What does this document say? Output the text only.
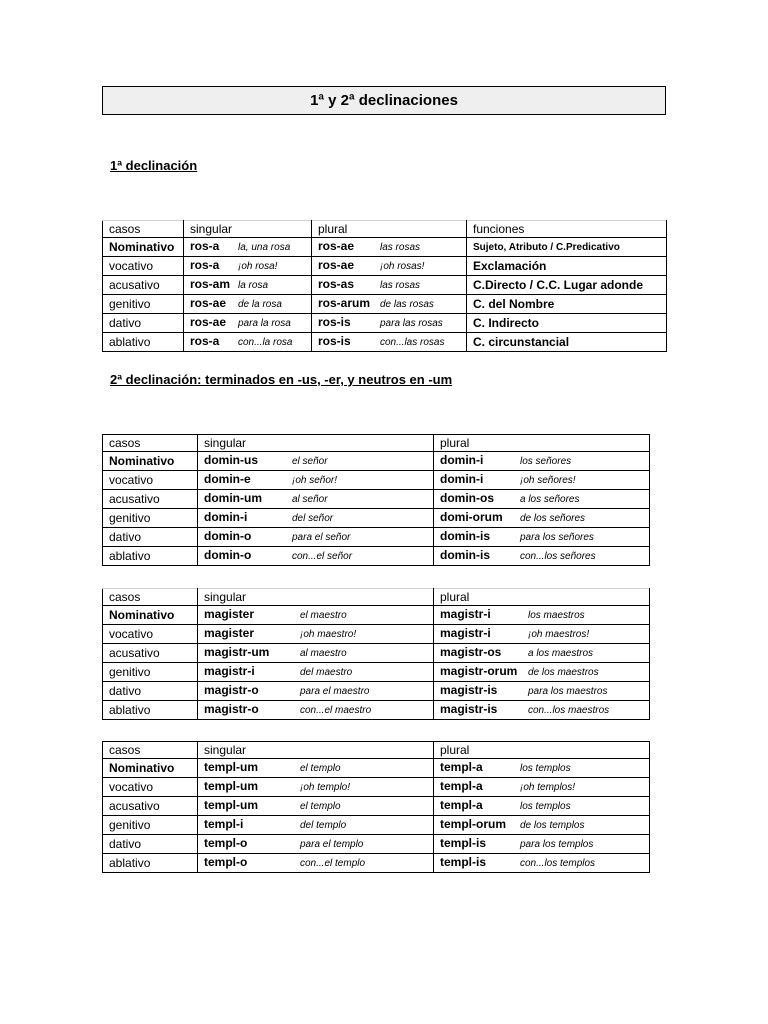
1ª y 2ª declinaciones
1ª declinación
casos	singular	plural	funciones
Nominativo	ros-a la, una rosa	ros-ae las rosas	Sujeto, Atributo / C.Predicativo
vocativo	ros-a ¡oh rosa!	ros-ae ¡oh rosas!	Exclamación
acusativo	ros-am la rosa	ros-as las rosas	C.Directo / C.C. Lugar adonde
genitivo	ros-ae de la rosa	ros-arum de las rosas	C. del Nombre
dativo	ros-ae para la rosa	ros-is para las rosas	C. Indirecto
ablativo	ros-a con...la rosa	ros-is con...las rosas	C. circunstancial
2ª declinación: terminados en -us, -er, y neutros en -um
casos	singular	plural
Nominativo	domin-us el señor	domin-i los señores
vocativo	domin-e ¡oh señor!	domin-i ¡oh señores!
acusativo	domin-um al señor	domin-os a los señores
genitivo	domin-i del señor	domi-orum de los señores
dativo	domin-o para el señor	domin-is para los señores
ablativo	domin-o con...el señor	domin-is con...los señores
casos	singular	plural
Nominativo	magister el maestro	magistr-i los maestros
vocativo	magister ¡oh maestro!	magistr-i ¡oh maestros!
acusativo	magistr-um al maestro	magistr-os a los maestros
genitivo	magistr-i del maestro	magistr-orum de los maestros
dativo	magistr-o para el maestro	magistr-is para los maestros
ablativo	magistr-o con...el maestro	magistr-is con...los maestros
casos	singular	plural
Nominativo	templ-um el templo	templ-a los templos
vocativo	templ-um ¡oh templo!	templ-a ¡oh templos!
acusativo	templ-um el templo	templ-a los templos
genitivo	templ-i del templo	templ-orum de los templos
dativo	templ-o para el templo	templ-is para los templos
ablativo	templ-o con...el templo	templ-is con...los templos
